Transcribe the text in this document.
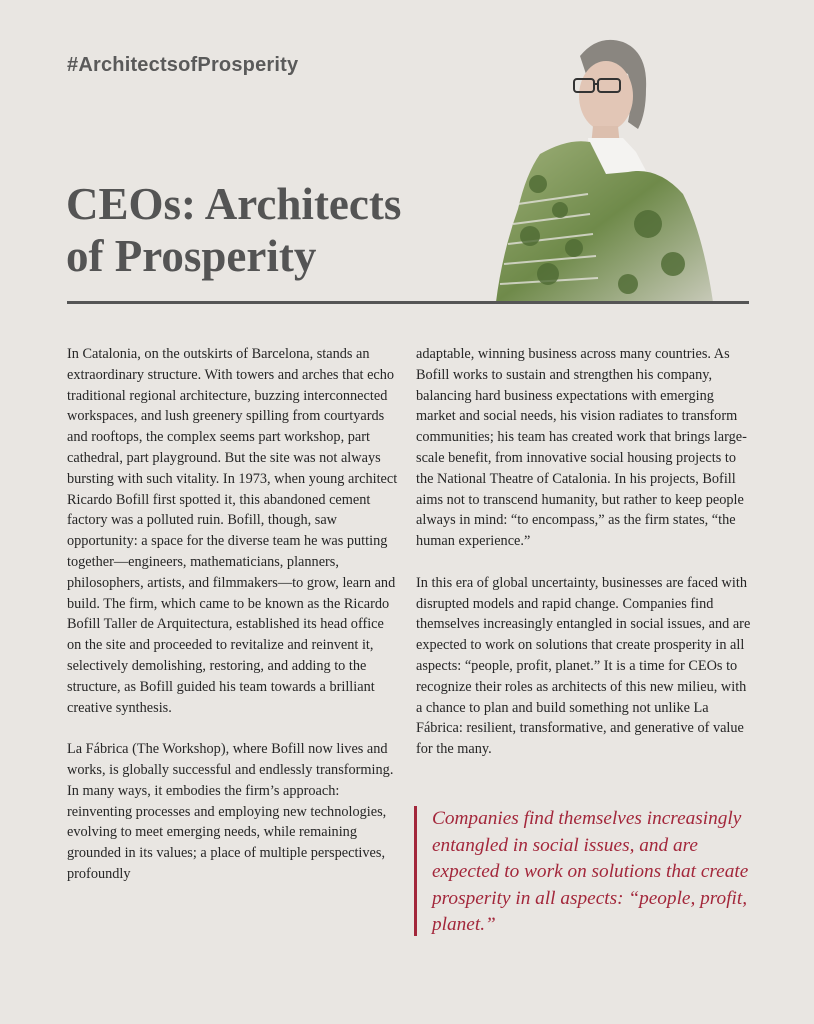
#ArchitectsofProsperity
CEOs: Architects
of Prosperity

In Catalonia, on the outskirts of Barcelona, stands an extraordinary structure. With towers and arches that echo traditional regional architecture, buzzing interconnected workspaces, and lush greenery spilling from courtyards and rooftops, the complex seems part workshop, part cathedral, part playground. But the site was not always bursting with such vitality. In 1973, when young architect Ricardo Bofill first spotted it, this abandoned cement factory was a polluted ruin. Bofill, though, saw opportunity: a space for the diverse team he was putting together—engineers, mathematicians, planners, philosophers, artists, and filmmakers—to grow, learn and build. The firm, which came to be known as the Ricardo Bofill Taller de Arquitectura, established its head office on the site and proceeded to revitalize and reinvent it, selectively demolishing, restoring, and adding to the structure, as Bofill guided his team towards a brilliant creative synthesis.

La Fábrica (The Workshop), where Bofill now lives and works, is globally successful and endlessly transforming. In many ways, it embodies the firm’s approach: reinventing processes and employing new technologies, evolving to meet emerging needs, while remaining grounded in its values; a place of multiple perspectives, profoundly

adaptable, winning business across many countries. As Bofill works to sustain and strengthen his company, balancing hard business expectations with emerging market and social needs, his vision radiates to transform communities; his team has created work that brings large-scale benefit, from innovative social housing projects to the National Theatre of Catalonia. In his projects, Bofill aims not to transcend humanity, but rather to keep people always in mind: “to encompass,” as the firm states, “the human experience.”

In this era of global uncertainty, businesses are faced with disrupted models and rapid change. Companies find themselves increasingly entangled in social issues, and are expected to work on solutions that create prosperity in all aspects: “people, profit, planet.” It is a time for CEOs to recognize their roles as architects of this new milieu, with a chance to plan and build something not unlike La Fábrica: resilient, transformative, and generative of value for the many.

Companies find themselves increasingly entangled in social issues, and are expected to work on solutions that create prosperity in all aspects: “people, profit, planet.”
